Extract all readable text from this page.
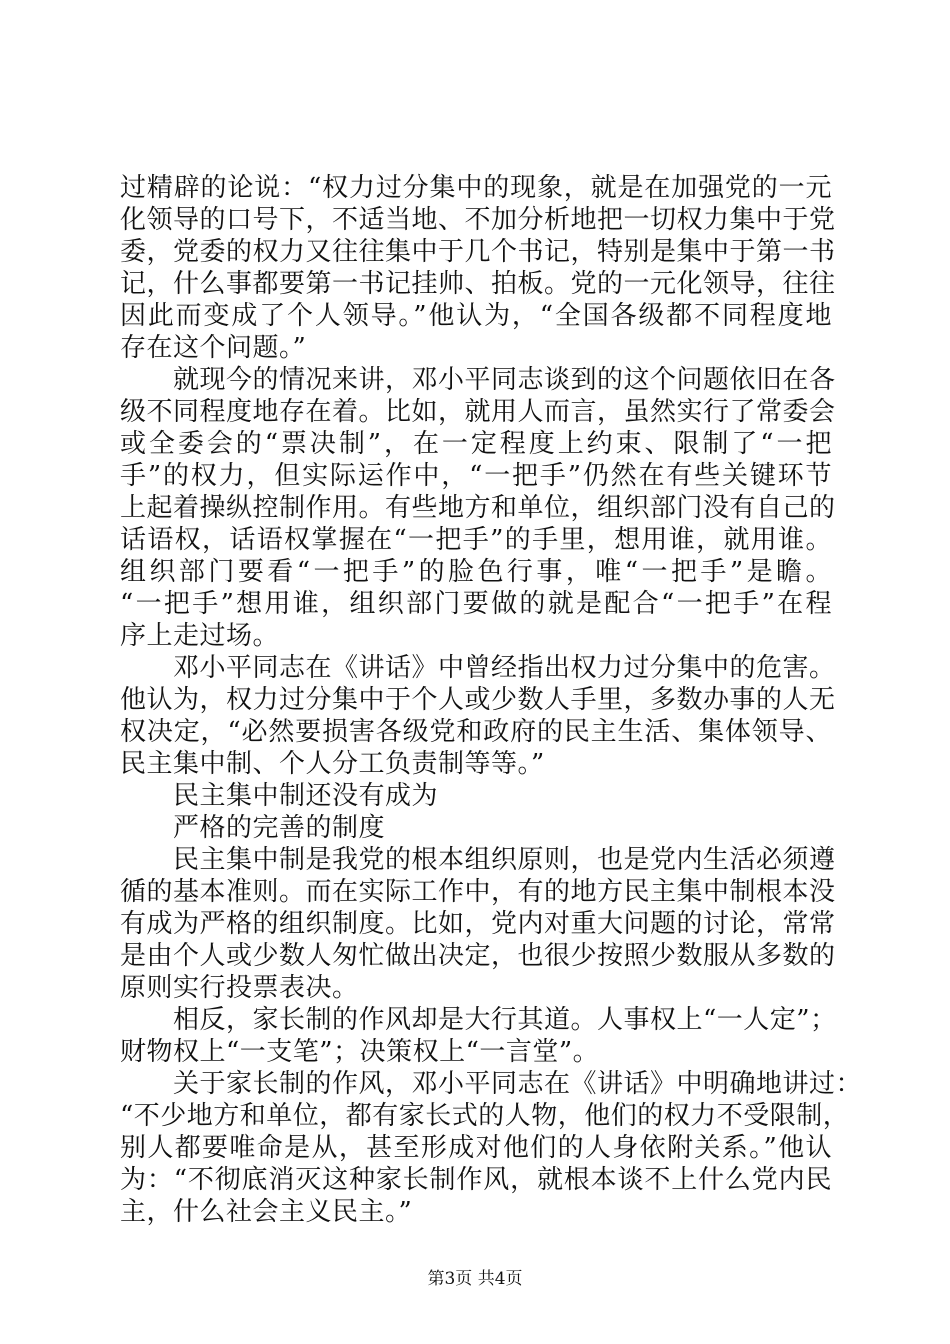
过精辟的论说：“权力过分集中的现象，就是在加强党的一元
化领导的口号下，不适当地、不加分析地把一切权力集中于党
委，党委的权力又往往集中于几个书记，特别是集中于第一书
记，什么事都要第一书记挂帅、拍板。党的一元化领导，往往
因此而变成了个人领导。”他认为，“全国各级都不同程度地
存在这个问题。”
　　就现今的情况来讲，邓小平同志谈到的这个问题依旧在各
级不同程度地存在着。比如，就用人而言，虽然实行了常委会
或全委会的“票决制”，在一定程度上约束、限制了“一把
手”的权力，但实际运作中，“一把手”仍然在有些关键环节
上起着操纵控制作用。有些地方和单位，组织部门没有自己的
话语权，话语权掌握在“一把手”的手里，想用谁，就用谁。
组织部门要看“一把手”的脸色行事，唯“一把手”是瞻。
“一把手”想用谁，组织部门要做的就是配合“一把手”在程
序上走过场。
　　邓小平同志在《讲话》中曾经指出权力过分集中的危害。
他认为，权力过分集中于个人或少数人手里，多数办事的人无
权决定，“必然要损害各级党和政府的民主生活、集体领导、
民主集中制、个人分工负责制等等。”
　　民主集中制还没有成为
　　严格的完善的制度
　　民主集中制是我党的根本组织原则，也是党内生活必须遵
循的基本准则。而在实际工作中，有的地方民主集中制根本没
有成为严格的组织制度。比如，党内对重大问题的讨论，常常
是由个人或少数人匆忙做出决定，也很少按照少数服从多数的
原则实行投票表决。
　　相反，家长制的作风却是大行其道。人事权上“一人定”；
财物权上“一支笔”；决策权上“一言堂”。
　　关于家长制的作风，邓小平同志在《讲话》中明确地讲过：
“不少地方和单位，都有家长式的人物，他们的权力不受限制，
别人都要唯命是从，甚至形成对他们的人身依附关系。”他认
为：“不彻底消灭这种家长制作风，就根本谈不上什么党内民
主，什么社会主义民主。”
第3页 共4页
